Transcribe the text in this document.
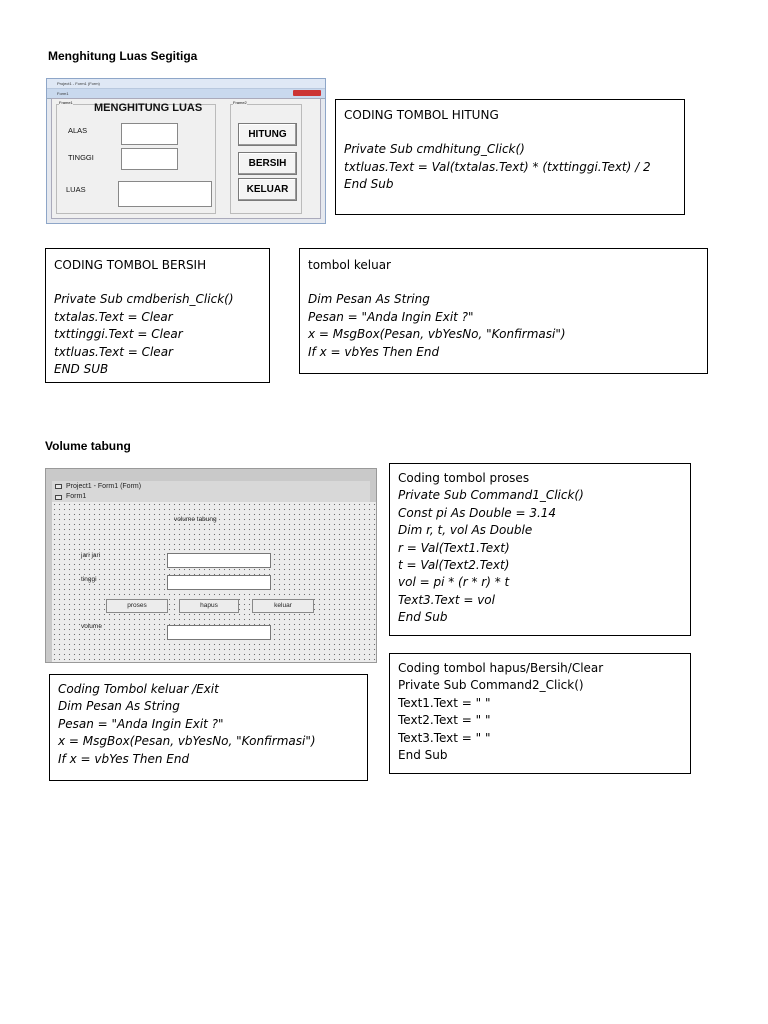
Menghitung Luas Segitiga
Project1 - Form1 (Form)
Form1
Frame1	Frame2
MENGHITUNG LUAS
ALAS
TINGGI
LUAS
HITUNG
BERSIH
KELUAR
CODING TOMBOL HITUNG
Private Sub cmdhitung_Click()
txtluas.Text = Val(txtalas.Text) * (txttinggi.Text) / 2
End Sub
CODING TOMBOL BERSIH
Private Sub cmdberish_Click()
txtalas.Text = Clear
txttinggi.Text = Clear
txtluas.Text = Clear
END SUB
tombol keluar
Dim Pesan As String
Pesan = "Anda Ingin Exit ?"
x = MsgBox(Pesan, vbYesNo, "Konfirmasi")
If x = vbYes Then End
Volume tabung
Project1 - Form1 (Form)
Form1
volume tabung
jari jari
tinggi
proses	hapus	keluar
volume
Coding tombol proses
Private Sub Command1_Click()
Const pi As Double = 3.14
Dim r, t, vol As Double
r = Val(Text1.Text)
t = Val(Text2.Text)
vol = pi * (r * r) * t
Text3.Text = vol
End Sub
Coding tombol hapus/Bersih/Clear
Private Sub Command2_Click()
Text1.Text = " "
Text2.Text = " "
Text3.Text = " "
End Sub
Coding Tombol keluar /Exit
Dim Pesan As String
Pesan = "Anda Ingin Exit ?"
x = MsgBox(Pesan, vbYesNo, "Konfirmasi")
If x = vbYes Then End
